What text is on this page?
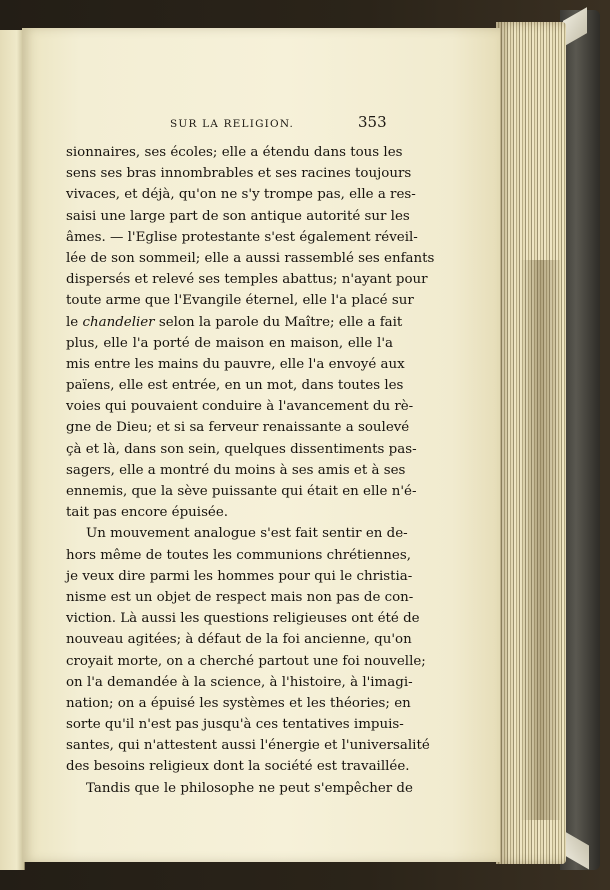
SUR LA RELIGION.	353
sionnaires, ses écoles; elle a étendu dans tous les
sens ses bras innombrables et ses racines toujours
vivaces, et déjà, qu'on ne s'y trompe pas, elle a res-
saisi une large part de son antique autorité sur les
âmes. — l'Eglise protestante s'est également réveil-
lée de son sommeil; elle a aussi rassemblé ses enfants
dispersés et relevé ses temples abattus; n'ayant pour
toute arme que l'Evangile éternel, elle l'a placé sur
le chandelier selon la parole du Maître; elle a fait
plus, elle l'a porté de maison en maison, elle l'a
mis entre les mains du pauvre, elle l'a envoyé aux
païens, elle est entrée, en un mot, dans toutes les
voies qui pouvaient conduire à l'avancement du rè-
gne de Dieu; et si sa ferveur renaissante a soulevé
çà et là, dans son sein, quelques dissentiments pas-
sagers, elle a montré du moins à ses amis et à ses
ennemis, que la sève puissante qui était en elle n'é-
tait pas encore épuisée.
Un mouvement analogue s'est fait sentir en de-
hors même de toutes les communions chrétiennes,
je veux dire parmi les hommes pour qui le christia-
nisme est un objet de respect mais non pas de con-
viction. Là aussi les questions religieuses ont été de
nouveau agitées; à défaut de la foi ancienne, qu'on
croyait morte, on a cherché partout une foi nouvelle;
on l'a demandée à la science, à l'histoire, à l'imagi-
nation; on a épuisé les systèmes et les théories; en
sorte qu'il n'est pas jusqu'à ces tentatives impuis-
santes, qui n'attestent aussi l'énergie et l'universalité
des besoins religieux dont la société est travaillée.
Tandis que le philosophe ne peut s'empêcher de
